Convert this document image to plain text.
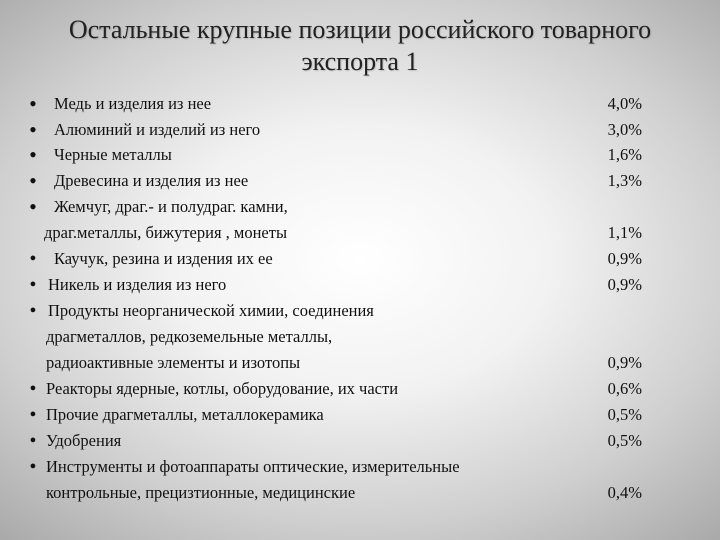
Остальные крупные позиции российского товарного
экспорта 1
• Медь и изделия из нее	4,0%
• Алюминий и изделий из него	3,0%
• Черные металлы	1,6%
• Древесина и изделия из нее	1,3%
• Жемчуг, драг.- и полудраг. камни,
драг.металлы, бижутерия , монеты	1,1%
● Каучук, резина и издения их ее	0,9%
● Никель и изделия из него	0,9%
● Продукты неорганической химии, соединения
драгметаллов, редкоземельные металлы,
радиоактивные элементы и изотопы	0,9%
● Реакторы ядерные, котлы, оборудование, их части	0,6%
● Прочие драгметаллы, металлокерамика	0,5%
● Удобрения	0,5%
● Инструменты и фотоаппараты оптические, измерительные
контрольные, прецизтионные, медицинские	0,4%
